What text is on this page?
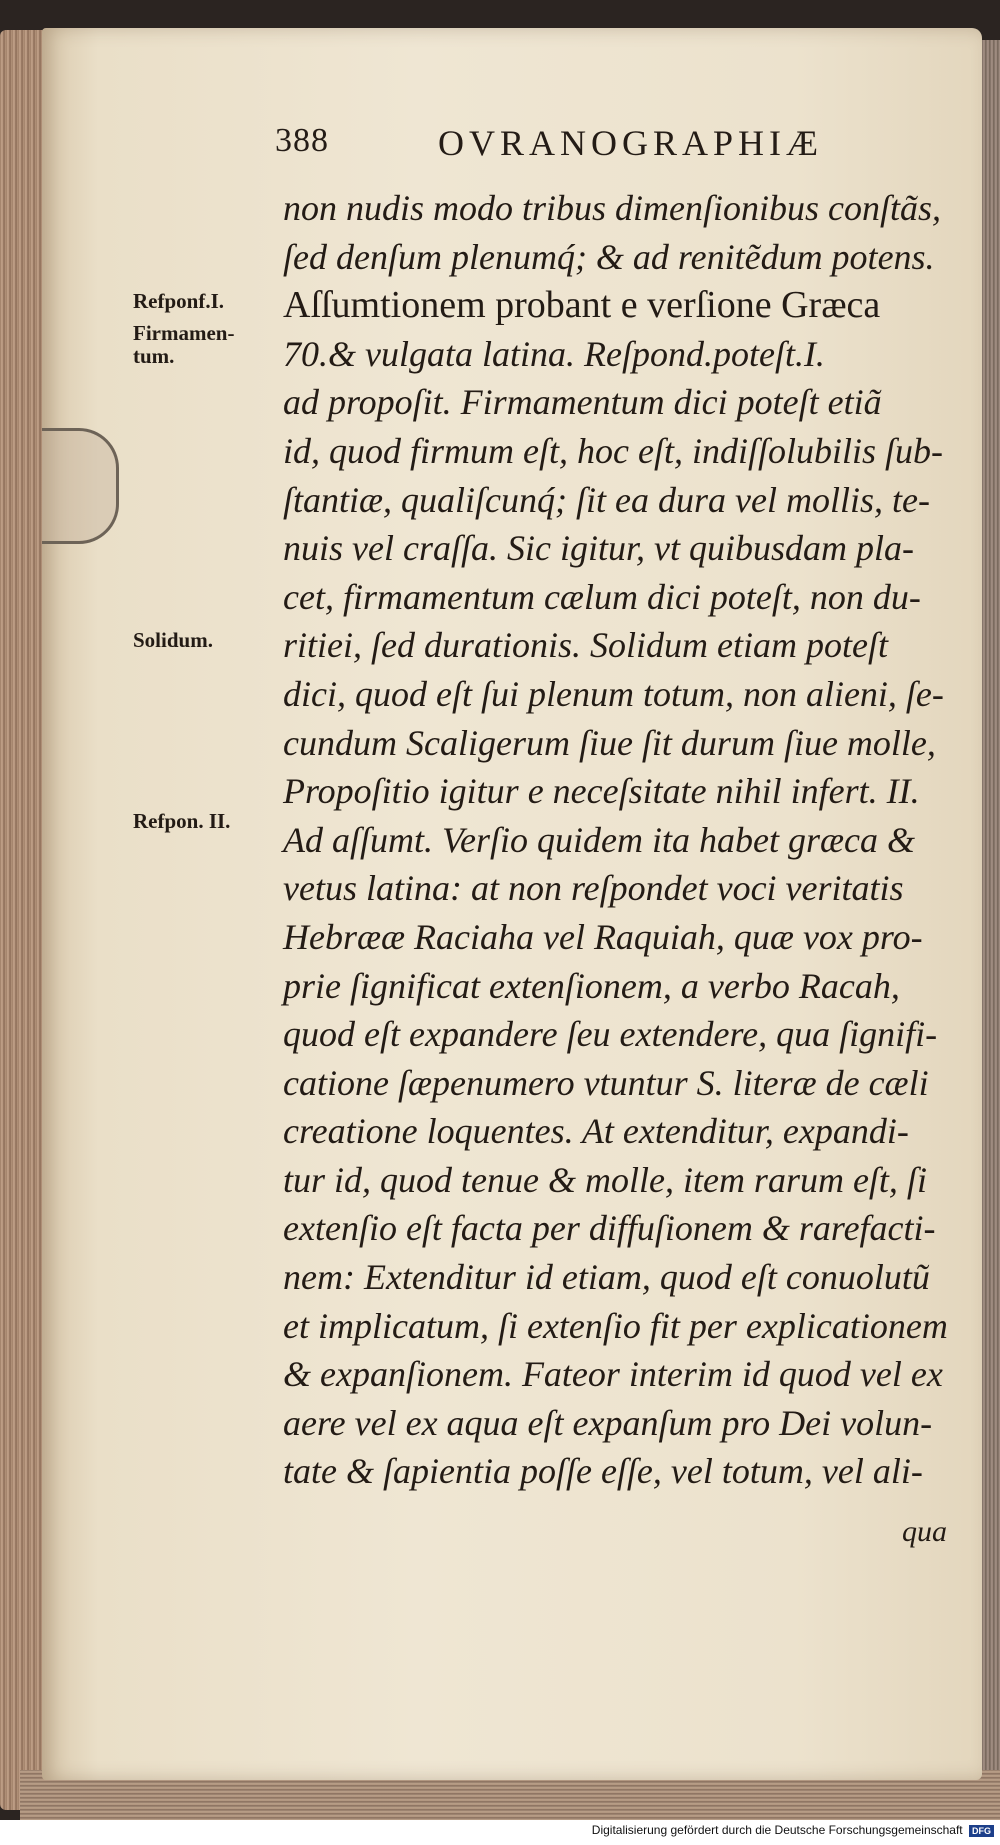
388	OVRANOGRAPHIÆ
Refponf.I.
Firmamen-
tum.
Solidum.
Refpon. II.
non nudis modo tribus dimenſionibus conſtãs,
ſed denſum plenumq́; & ad renitẽdum potens.
Aſſumtionem probant e verſione Græca
70.& vulgata latina. Reſpond.poteſt.I.
ad propoſit. Firmamentum dici poteſt etiã
id, quod firmum eſt, hoc eſt, indiſſolubilis ſub-
ſtantiæ, qualiſcunq́; ſit ea dura vel mollis, te-
nuis vel craſſa. Sic igitur, vt quibusdam pla-
cet, firmamentum cælum dici poteſt, non du-
ritiei, ſed durationis. Solidum etiam poteſt
dici, quod eſt ſui plenum totum, non alieni, ſe-
cundum Scaligerum ſiue ſit durum ſiue molle,
Propoſitio igitur e neceſsitate nihil infert. II.
Ad aſſumt. Verſio quidem ita habet græca &
vetus latina: at non reſpondet voci veritatis
Hebrææ Raciaha vel Raquiah, quæ vox pro-
prie ſignificat extenſionem, a verbo Racah,
quod eſt expandere ſeu extendere, qua ſignifi-
catione ſæpenumero vtuntur S. literæ de cæli
creatione loquentes. At extenditur, expandi-
tur id, quod tenue & molle, item rarum eſt, ſi
extenſio eſt facta per diffuſionem & rarefacti-
nem: Extenditur id etiam, quod eſt conuolutũ
et implicatum, ſi extenſio fit per explicationem
& expanſionem. Fateor interim id quod vel ex
aere vel ex aqua eſt expanſum pro Dei volun-
tate & ſapientia poſſe eſſe, vel totum, vel ali-
qua
Digitalisierung gefördert durch die Deutsche Forschungsgemeinschaft DFG
